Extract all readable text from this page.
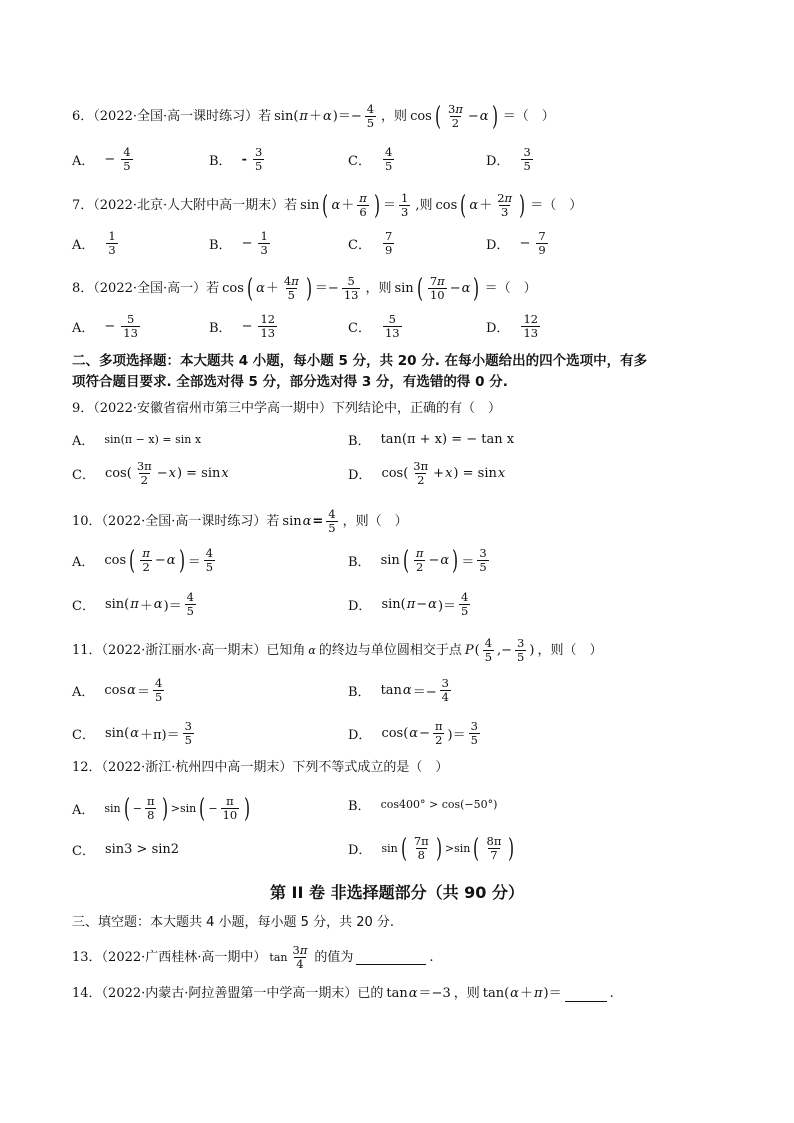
6．（2022·全国·高一课时练习）若 sin( π ＋ α )＝− $\frac{4}{5}$ ，则 cos ( $\frac{3\pi}{2} - \alpha$ ) ＝（　）
A． − $\frac{4}{5}$	B． - $\frac{3}{5}$	C． $\frac{4}{5}$	D． $\frac{3}{5}$
7．（2022·北京·人大附中高一期末）若 sin ( $\alpha + \frac{\pi}{6}$ ) ＝ $\frac{1}{3}$ ,则 cos ( $\alpha + \frac{2\pi}{3}$ ) ＝（　）
A． $\frac{1}{3}$	B． − $\frac{1}{3}$	C． $\frac{7}{9}$	D． − $\frac{7}{9}$
8．（2022·全国·高一）若 cos ( $\alpha + \frac{4\pi}{5}$ ) ＝− $\frac{5}{13}$ ，则 sin ( $\frac{7\pi}{10} - \alpha$ ) ＝（　）
A． − $\frac{5}{13}$	B． − $\frac{12}{13}$	C． $\frac{5}{13}$	D． $\frac{12}{13}$
二、多项选择题：本大题共 4 小题，每小题 5 分，共 20 分. 在每小题给出的四个选项中，有多
项符合题目要求. 全部选对得 5 分，部分选对得 3 分，有选错的得 0 分.
9．（2022·安徽省宿州市第三中学高一期中）下列结论中，正确的有（　）
A． sin(π − x) = sin x	B． tan(π + x) = − tan x
C． $\cos( \frac{3\pi}{2} - x$ ) = sin x	D． $\cos( \frac{3\pi}{2} + x$ ) = sin x
10．（2022·全国·高一课时练习）若 $\sin \alpha = \frac{4}{5}$ ，则（　）
A． cos ( $\frac{\pi}{2} - \alpha$ ) ＝ $\frac{4}{5}$	B． sin ( $\frac{\pi}{2} - \alpha$ ) ＝ $\frac{3}{5}$
C． sin( π ＋ α )＝ $\frac{4}{5}$	D． sin( π − α )＝ $\frac{4}{5}$
11．（2022·浙江丽水·高一期末）已知角 α 的终边与单位圆相交于点 P ( $\frac{4}{5}$ ,− $\frac{3}{5}$ ) ，则（　）
A． $\cos \alpha = \frac{4}{5}$	B． $\tan \alpha =- \frac{3}{4}$
C． sin( $\alpha +\pi)= \frac{3}{5}$	D． cos( $\alpha - \frac{\pi}{2}$ )＝ $\frac{3}{5}$
12．（2022·浙江·杭州四中高一期末）下列不等式成立的是（　）
A． sin ( − $\frac{\pi}{8}$ ) >sin ( − $\frac{\pi}{10}$ )	B． cos400° > cos(−50°)
C． sin3 > sin2	D． sin ( $\frac{7\pi}{8}$ ) >sin ( $\frac{8\pi}{7}$ )
第 II 卷 非选择题部分（共 90 分）
三、填空题：本大题共 4 小题，每小题 5 分，共 20 分.
13．（2022·广西桂林·高一期中） $\tan \frac{3\pi}{4}$ 的值为	.
14．（2022·内蒙古·阿拉善盟第一中学高一期末）已的 tan α ＝−3 ，则 tan( α ＋ π )＝	.
